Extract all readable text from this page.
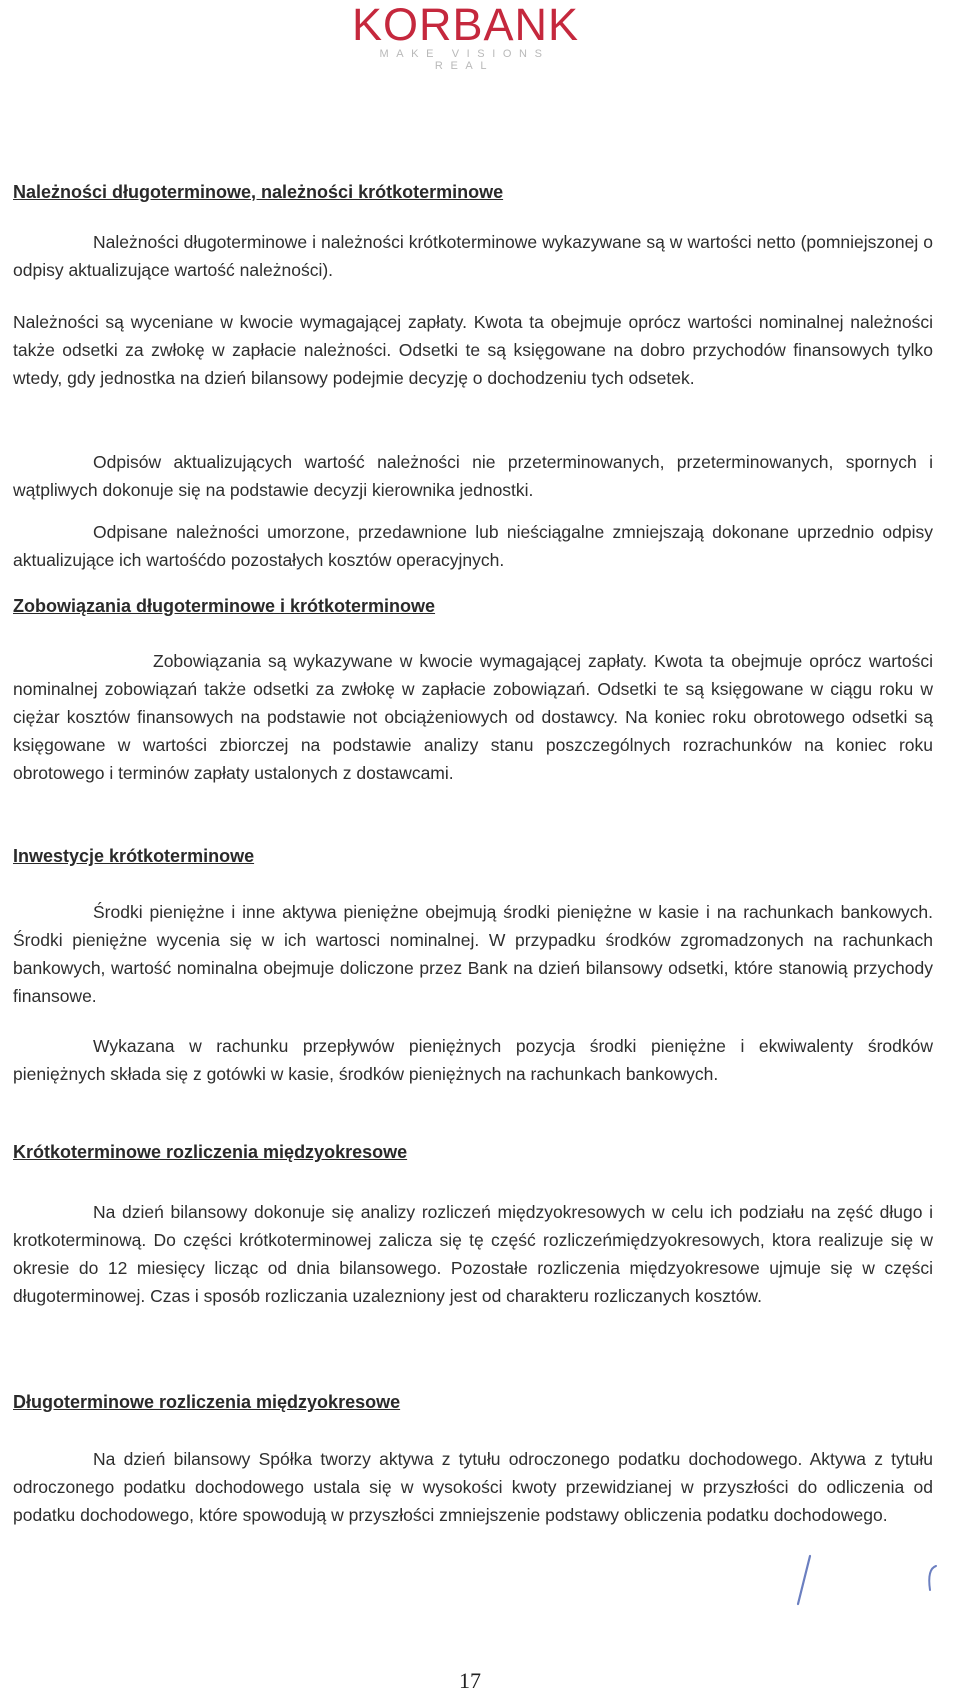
KORBANK
MAKE VISIONS REAL
Należności długoterminowe, należności krótkoterminowe

Należności długoterminowe i należności krótkoterminowe wykazywane są w wartości netto (pomniejszonej o odpisy aktualizujące wartość należności).

Należności są wyceniane w kwocie wymagającej zapłaty. Kwota ta obejmuje oprócz wartości nominalnej należności także odsetki za zwłokę w zapłacie należności. Odsetki te są księgowane na dobro przychodów finansowych tylko wtedy, gdy jednostka na dzień bilansowy podejmie decyzję o dochodzeniu tych odsetek.

Odpisów aktualizujących wartość należności nie przeterminowanych, przeterminowanych, spornych i wątpliwych dokonuje się na podstawie decyzji kierownika jednostki.

Odpisane należności umorzone, przedawnione lub nieściągalne zmniejszają dokonane uprzednio odpisy aktualizujące ich wartośćdo pozostałych kosztów operacyjnych.

Zobowiązania długoterminowe i krótkoterminowe

Zobowiązania są wykazywane w kwocie wymagającej zapłaty. Kwota ta obejmuje oprócz wartości nominalnej zobowiązań także odsetki za zwłokę w zapłacie zobowiązań. Odsetki te są księgowane w ciągu roku w ciężar kosztów finansowych na podstawie not obciążeniowych od dostawcy. Na koniec roku obrotowego odsetki są księgowane w wartości zbiorczej na podstawie analizy stanu poszczególnych rozrachunków na koniec roku obrotowego i terminów zapłaty ustalonych z dostawcami.

Inwestycje krótkoterminowe

Środki pieniężne i inne aktywa pieniężne obejmują środki pieniężne w kasie i na rachunkach bankowych. Środki pieniężne wycenia się w ich wartosci nominalnej. W przypadku środków zgromadzonych na rachunkach bankowych, wartość nominalna obejmuje doliczone przez Bank na dzień bilansowy odsetki, które stanowią przychody finansowe.

Wykazana w rachunku przepływów pieniężnych pozycja środki pieniężne i ekwiwalenty środków pieniężnych składa się z gotówki w kasie, środków pieniężnych na rachunkach bankowych.

Krótkoterminowe rozliczenia międzyokresowe

Na dzień bilansowy dokonuje się analizy rozliczeń międzyokresowych w celu ich podziału na zęść długo i krotkoterminową. Do części krótkoterminowej zalicza się tę część rozliczeńmiędzyokresowych, ktora realizuje się w okresie do 12 miesięcy licząc od dnia bilansowego. Pozostałe rozliczenia międzyokresowe ujmuje się w części długoterminowej. Czas i sposób rozliczania uzalezniony jest od charakteru rozliczanych kosztów.

Długoterminowe rozliczenia międzyokresowe

Na dzień bilansowy Spółka tworzy aktywa z tytułu odroczonego podatku dochodowego. Aktywa z tytułu odroczonego podatku dochodowego ustala się w wysokości kwoty przewidzianej w przyszłości do odliczenia od podatku dochodowego, które spowodują w przyszłości zmniejszenie podstawy obliczenia podatku dochodowego.

17
